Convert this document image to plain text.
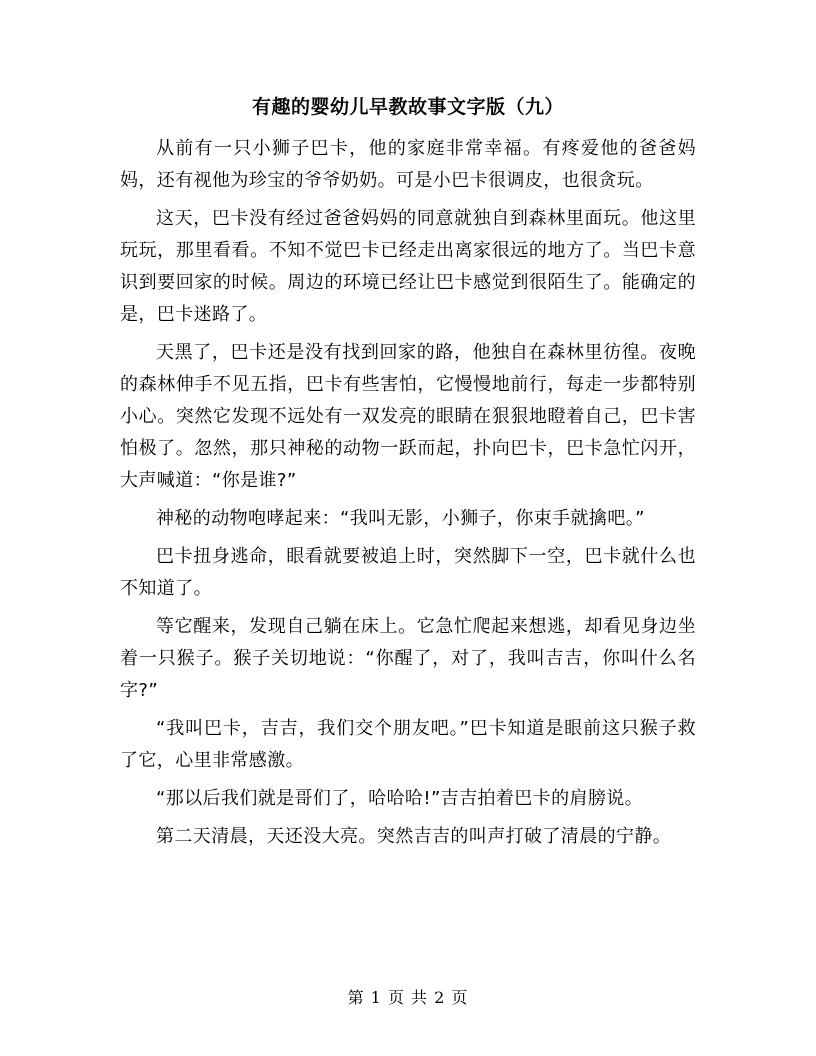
有趣的婴幼儿早教故事文字版（九）

从前有一只小狮子巴卡，他的家庭非常幸福。有疼爱他的爸爸妈妈，还有视他为珍宝的爷爷奶奶。可是小巴卡很调皮，也很贪玩。

这天，巴卡没有经过爸爸妈妈的同意就独自到森林里面玩。他这里玩玩，那里看看。不知不觉巴卡已经走出离家很远的地方了。当巴卡意识到要回家的时候。周边的环境已经让巴卡感觉到很陌生了。能确定的是，巴卡迷路了。

天黑了，巴卡还是没有找到回家的路，他独自在森林里彷徨。夜晚的森林伸手不见五指，巴卡有些害怕，它慢慢地前行，每走一步都特别小心。突然它发现不远处有一双发亮的眼睛在狠狠地瞪着自己，巴卡害怕极了。忽然，那只神秘的动物一跃而起，扑向巴卡，巴卡急忙闪开，大声喊道：“你是谁?”

神秘的动物咆哮起来：“我叫无影，小狮子，你束手就擒吧。”

巴卡扭身逃命，眼看就要被追上时，突然脚下一空，巴卡就什么也不知道了。

等它醒来，发现自己躺在床上。它急忙爬起来想逃，却看见身边坐着一只猴子。猴子关切地说：“你醒了，对了，我叫吉吉，你叫什么名字?”

“我叫巴卡，吉吉，我们交个朋友吧。”巴卡知道是眼前这只猴子救了它，心里非常感激。

“那以后我们就是哥们了，哈哈哈!”吉吉拍着巴卡的肩膀说。

第二天清晨，天还没大亮。突然吉吉的叫声打破了清晨的宁静。

第 1 页 共 2 页
